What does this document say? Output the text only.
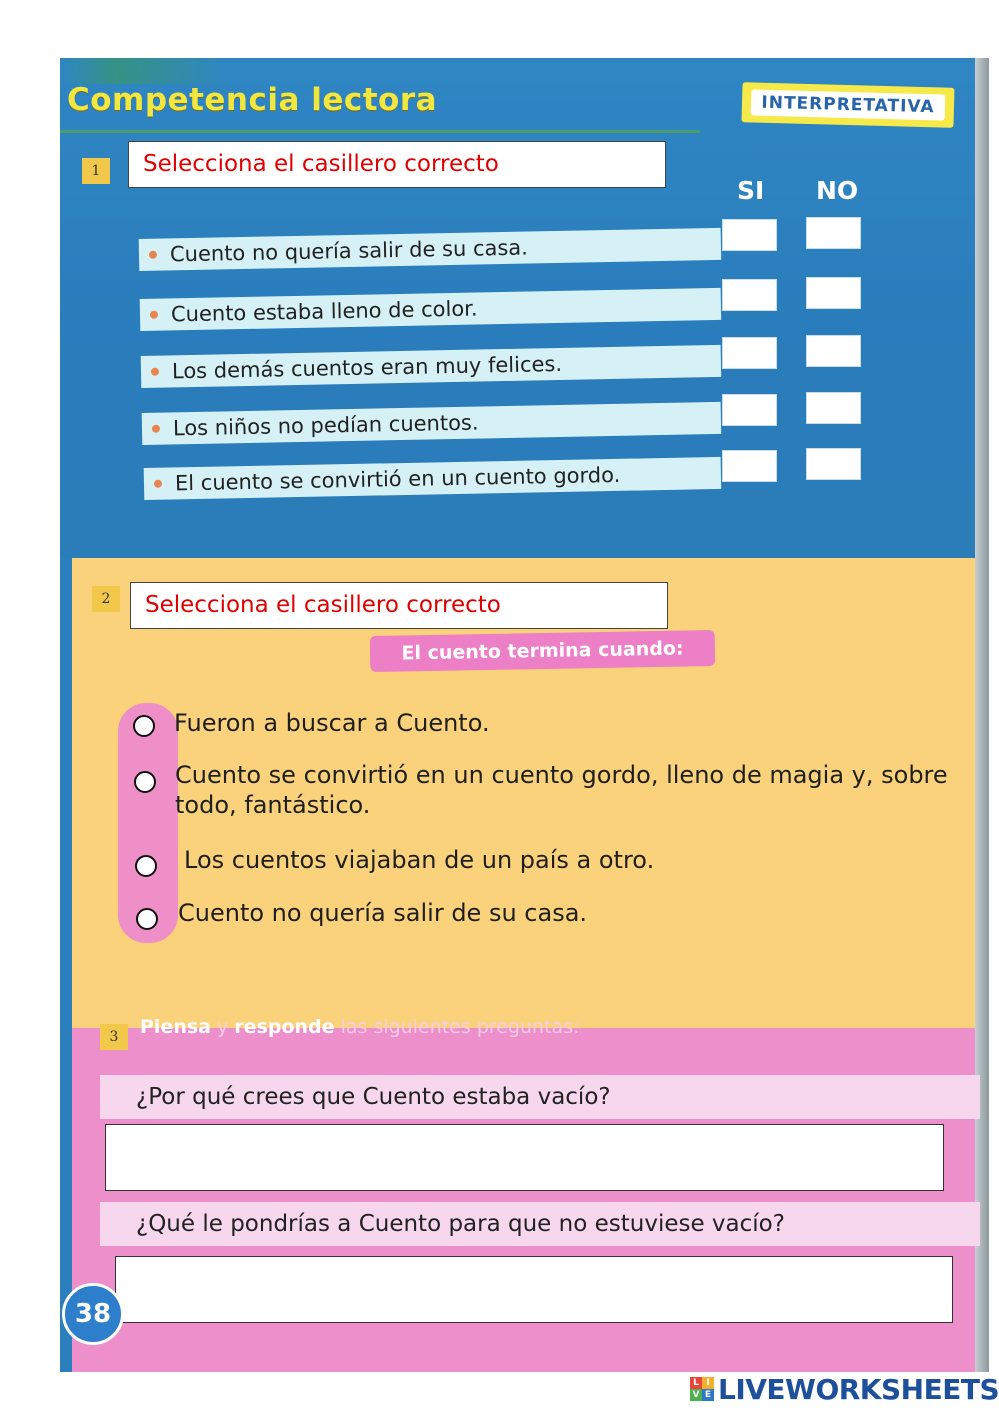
Competencia lectora	INTERPRETATIVA
1	Selecciona el casillero correcto
SI NO
Cuento no quería salir de su casa.
Cuento estaba lleno de color.
Los demás cuentos eran muy felices.
Los niños no pedían cuentos.
El cuento se convirtió en un cuento gordo.
2	Selecciona el casillero correcto
El cuento termina cuando:
Fueron a buscar a Cuento.
Cuento se convirtió en un cuento gordo, lleno de magia y, sobre todo, fantástico.
Los cuentos viajaban de un país a otro.
Cuento no quería salir de su casa.
3	Piensa y responde las siguientes preguntas:
¿Por qué crees que Cuento estaba vacío?
¿Qué le pondrías a Cuento para que no estuviese vacío?
38
L I
V E LIVEWORKSHEETS
